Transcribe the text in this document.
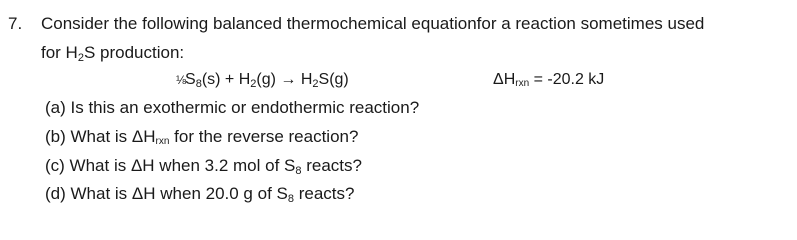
7. Consider the following balanced thermochemical equationfor a reaction sometimes used
for $H_2S$ production:
$\frac{1}{8}S_8(s) + H_2(g) \to H_2S(g)$	$\Delta H_{rxn} = -20.2$ kJ
(a) Is this an exothermic or endothermic reaction?
(b) What is $\Delta H_{rxn}$ for the reverse reaction?
(c) What is ΔH when 3.2 mol of $S_8$ reacts?
(d) What is ΔH when 20.0 g of $S_8$ reacts?
